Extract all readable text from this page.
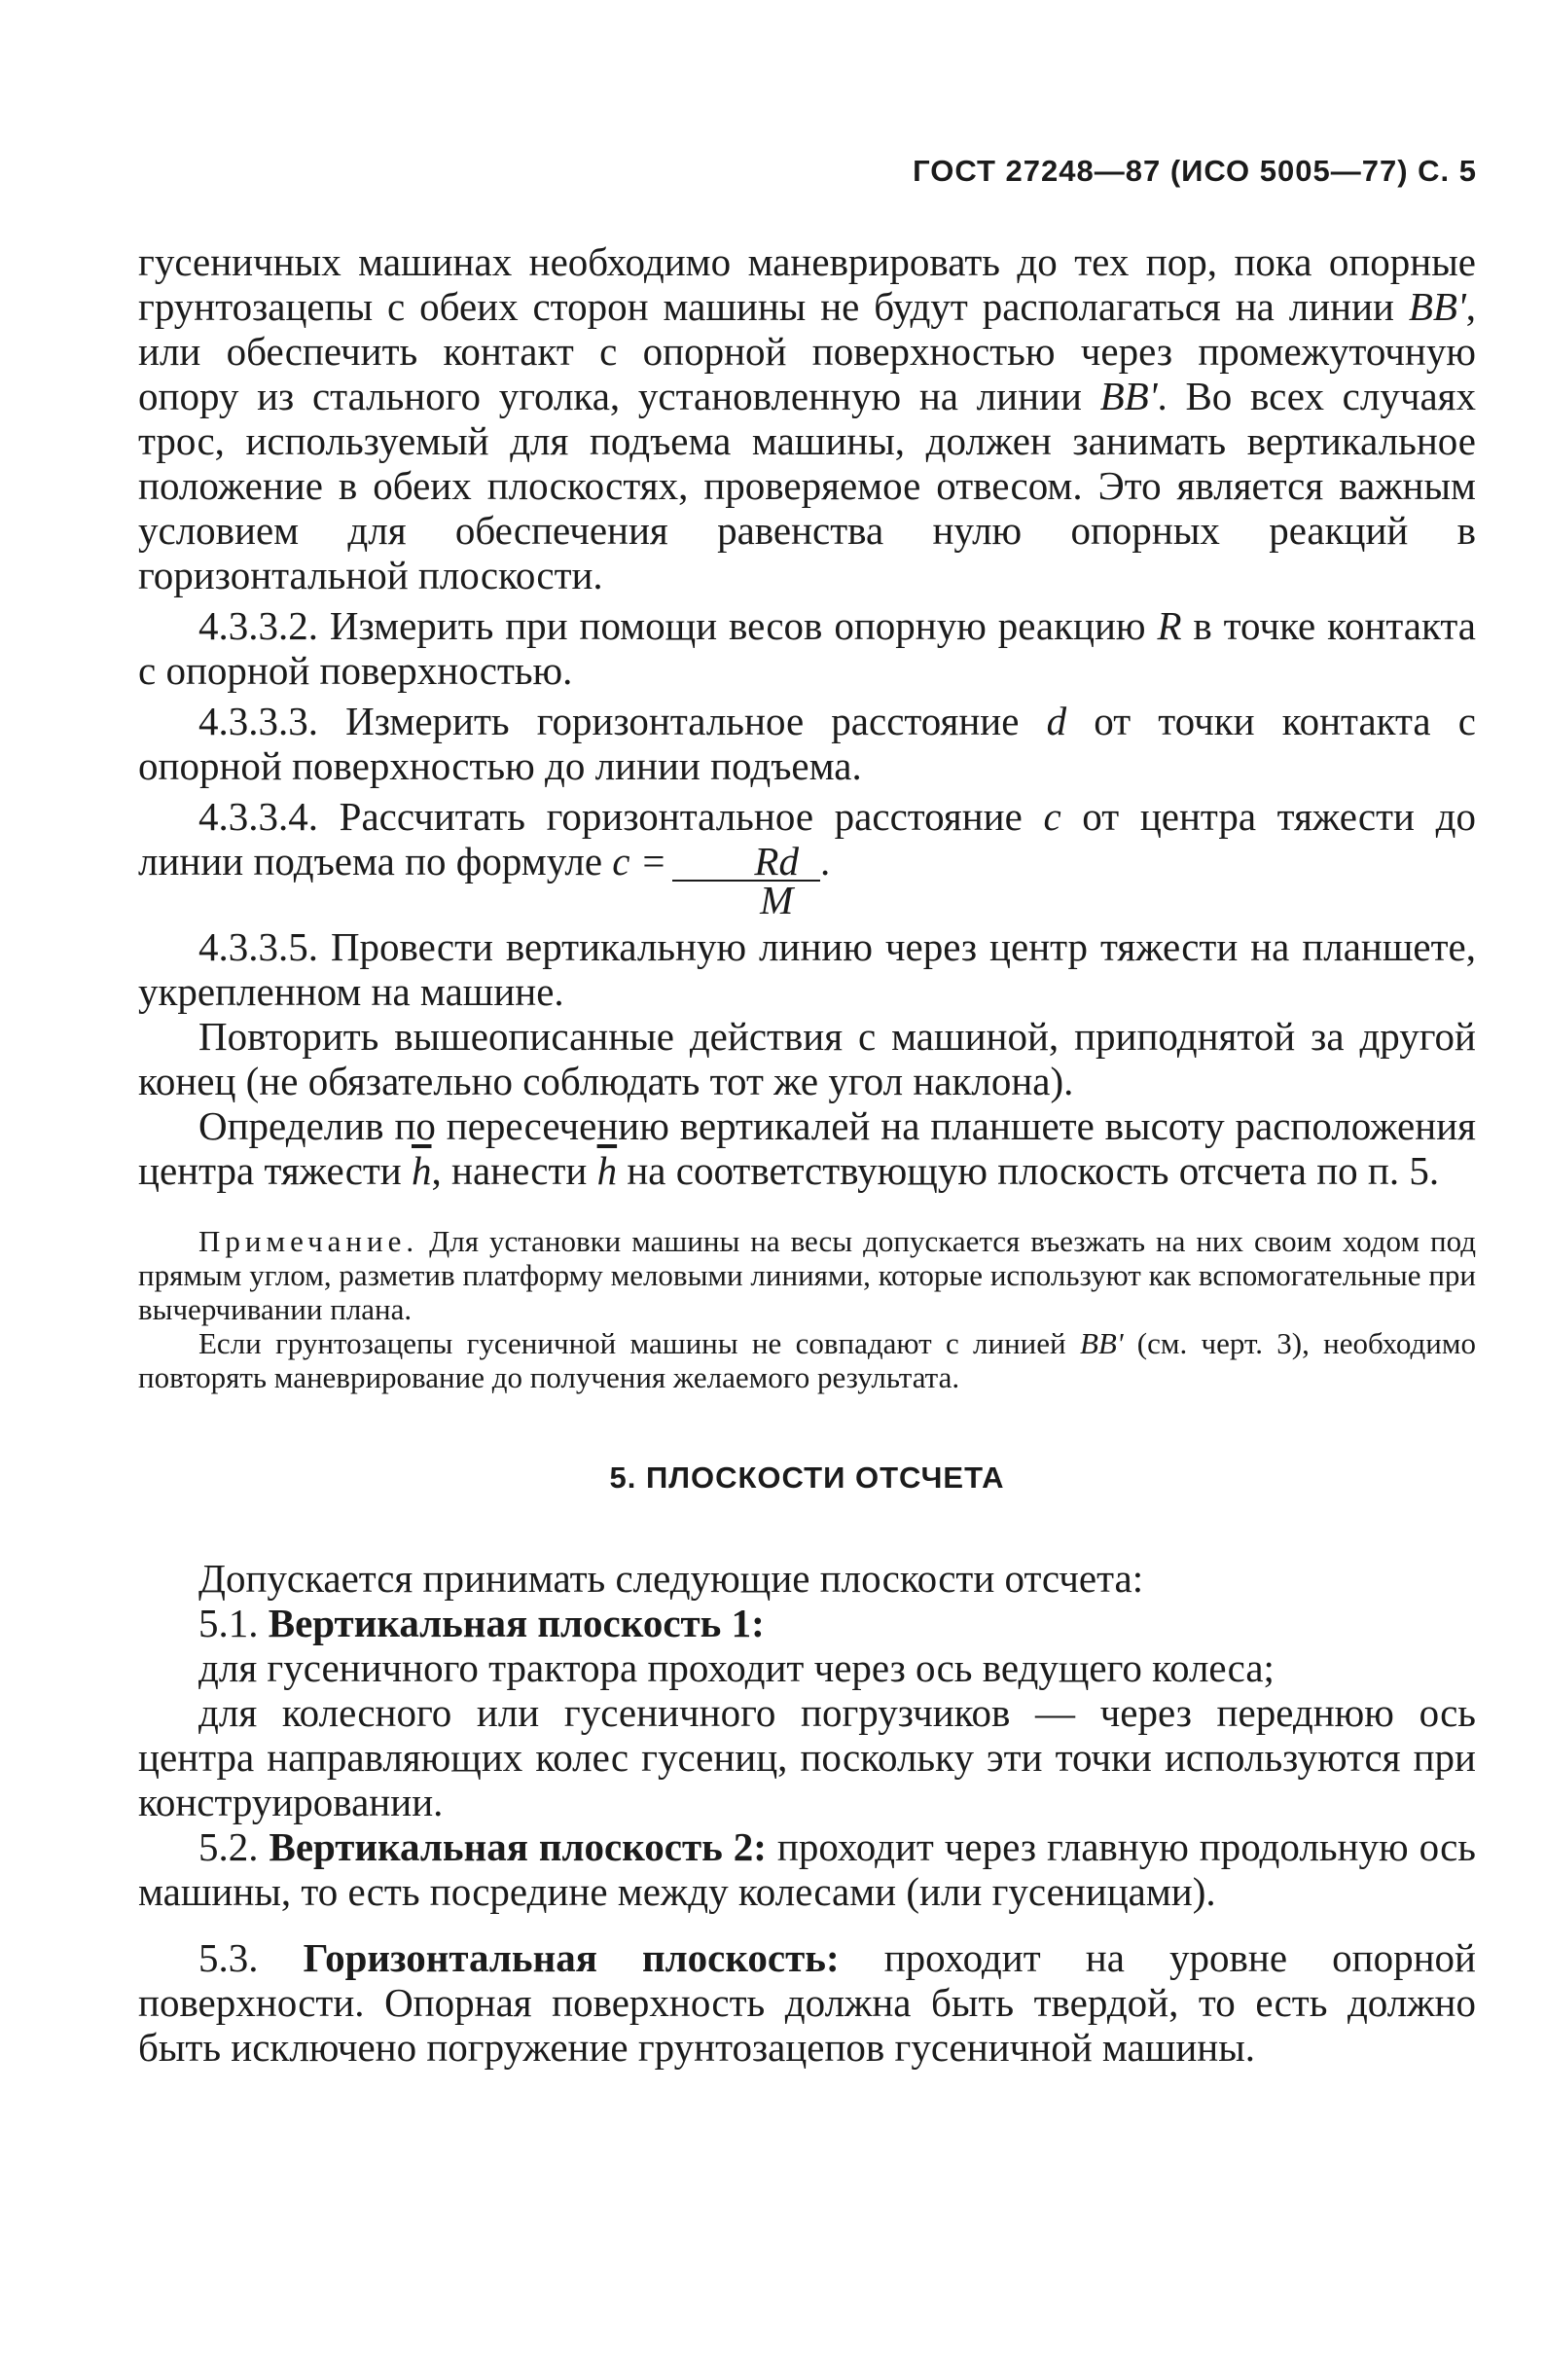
ГОСТ 27248—87 (ИСО 5005—77) С. 5

гусеничных машинах необходимо маневрировать до тех пор, пока опорные грунтозацепы с обеих сторон машины не будут располагаться на линии ВВ', или обеспечить контакт с опорной поверхностью через промежуточную опору из стального уголка, установленную на линии ВВ'. Во всех случаях трос, используемый для подъема машины, должен занимать вертикальное положение в обеих плоскостях, проверяемое отвесом. Это является важным условием для обеспечения равенства нулю опорных реакций в горизонтальной плоскости.

4.3.3.2. Измерить при помощи весов опорную реакцию R в точке контакта с опорной поверхностью.

4.3.3.3. Измерить горизонтальное расстояние d от точки контакта с опорной поверхностью до линии подъема.

4.3.3.4. Рассчитать горизонтальное расстояние с от центра тяжести до линии подъема по формуле $с = \frac{Rd}{M}$ .

4.3.3.5. Провести вертикальную линию через центр тяжести на планшете, укрепленном на машине.

Повторить вышеописанные действия с машиной, приподнятой за другой конец (не обязательно соблюдать тот же угол наклона).

Определив по пересечению вертикалей на планшете высоту расположения центра тяжести $\overline{h}$, нанести $\overline{h}$ на соответствующую плоскость отсчета по п. 5.

Примечание. Для установки машины на весы допускается въезжать на них своим ходом под прямым углом, разметив платформу меловыми линиями, которые используют как вспомогательные при вычерчивании плана.

Если грунтозацепы гусеничной машины не совпадают с линией ВВ' (см. черт. 3), необходимо повторять маневрирование до получения желаемого результата.

5. ПЛОСКОСТИ ОТСЧЕТА

Допускается принимать следующие плоскости отсчета:

5.1. Вертикальная плоскость 1:

для гусеничного трактора проходит через ось ведущего колеса;

для колесного или гусеничного погрузчиков — через переднюю ось центра направляющих колес гусениц, поскольку эти точки используются при конструировании.

5.2. Вертикальная плоскость 2: проходит через главную продольную ось машины, то есть посредине между колесами (или гусеницами).

5.3. Горизонтальная плоскость: проходит на уровне опорной поверхности. Опорная поверхность должна быть твердой, то есть должно быть исключено погружение грунтозацепов гусеничной машины.
